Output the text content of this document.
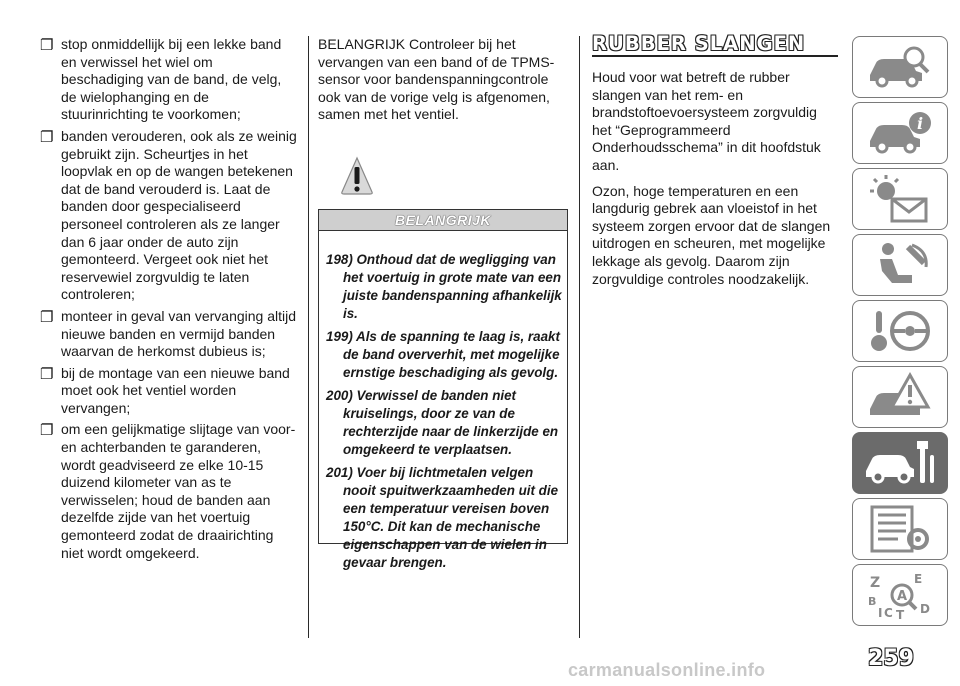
❐ stop onmiddellijk bij een lekke band en verwissel het wiel om beschadiging van de band, de velg, de wielophanging en de stuurinrichting te voorkomen;
❐ banden verouderen, ook als ze weinig gebruikt zijn. Scheurtjes in het loopvlak en op de wangen betekenen dat de band verouderd is. Laat de banden door gespecialiseerd personeel controleren als ze langer dan 6 jaar onder de auto zijn gemonteerd. Vergeet ook niet het reservewiel zorgvuldig te laten controleren;
❐ monteer in geval van vervanging altijd nieuwe banden en vermijd banden waarvan de herkomst dubieus is;
❐ bij de montage van een nieuwe band moet ook het ventiel worden vervangen;
❐ om een gelijkmatige slijtage van voor- en achterbanden te garanderen, wordt geadviseerd ze elke 10-15 duizend kilometer van as te verwisselen; houd de banden aan dezelfde zijde van het voertuig gemonteerd zodat de draairichting niet wordt omgekeerd.

BELANGRIJK Controleer bij het vervangen van een band of de TPMS-sensor voor bandenspanningcontrole ook van de vorige velg is afgenomen, samen met het ventiel.

BELANGRIJK

198) Onthoud dat de wegligging van het voertuig in grote mate van een juiste bandenspanning afhankelijk is.

199) Als de spanning te laag is, raakt de band oververhit, met mogelijke ernstige beschadiging als gevolg.

200) Verwissel de banden niet kruiselings, door ze van de rechterzijde naar de linkerzijde en omgekeerd te verplaatsen.

201) Voer bij lichtmetalen velgen nooit spuitwerkzaamheden uit die een temperatuur vereisen boven 150°C. Dit kan de mechanische eigenschappen van de wielen in gevaar brengen.

RUBBER SLANGEN

Houd voor wat betreft de rubber slangen van het rem- en brandstoftoevoersysteem zorgvuldig het “Geprogrammeerd Onderhoudsschema” in dit hoofdstuk aan.

Ozon, hoge temperaturen en een langdurig gebrek aan vloeistof in het systeem zorgen ervoor dat de slangen uitdrogen en scheuren, met mogelijke lekkage als gevolg. Daarom zijn zorgvuldige controles noodzakelijk.

i
Z	E
B
I C T D
A
259
carmanualsonline.info
